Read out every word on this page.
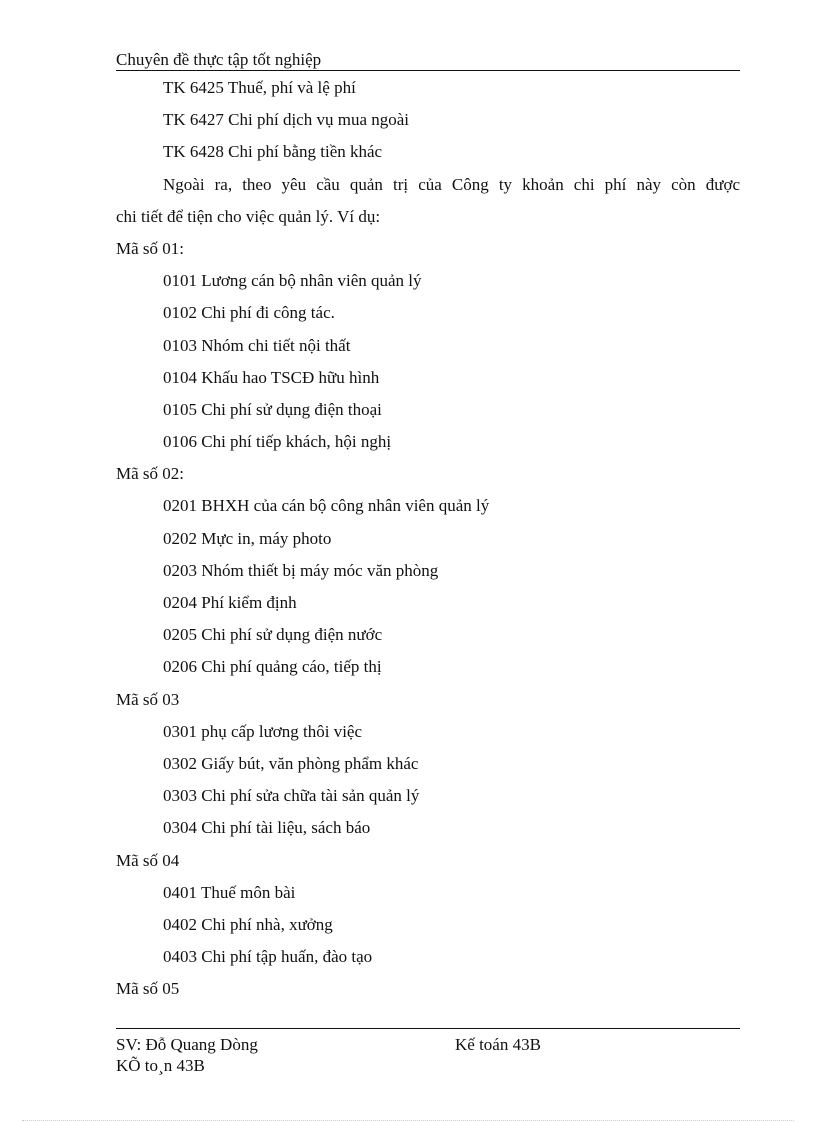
Chuyên đề thực tập tốt nghiệp
TK 6425 Thuế, phí và lệ phí
TK 6427 Chi phí dịch vụ mua ngoài
TK 6428 Chi phí bằng tiền khác
Ngoài ra, theo yêu cầu quản trị của Công ty khoản chi phí này còn được
chi tiết để tiện cho việc quản lý. Ví dụ:
Mã số 01:
0101 Lương cán bộ nhân viên quản lý
0102 Chi phí đi công tác.
0103 Nhóm chi tiết nội thất
0104 Khấu hao TSCĐ hữu hình
0105 Chi phí sử dụng điện thoại
0106 Chi phí tiếp khách, hội nghị
Mã số 02:
0201 BHXH của cán bộ công nhân viên quản lý
0202 Mực in, máy photo
0203 Nhóm thiết bị máy móc văn phòng
0204 Phí kiểm định
0205 Chi phí sử dụng điện nước
0206 Chi phí quảng cáo, tiếp thị
Mã số 03
0301 phụ cấp lương thôi việc
0302 Giấy bút, văn phòng phẩm khác
0303 Chi phí sửa chữa tài sản quản lý
0304 Chi phí tài liệu, sách báo
Mã số 04
0401 Thuế môn bài
0402 Chi phí nhà, xưởng
0403 Chi phí tập huấn, đào tạo
Mã số 05
SV: Đỗ Quang Dòng
KÕ to¸n 43B
Kế toán 43B
